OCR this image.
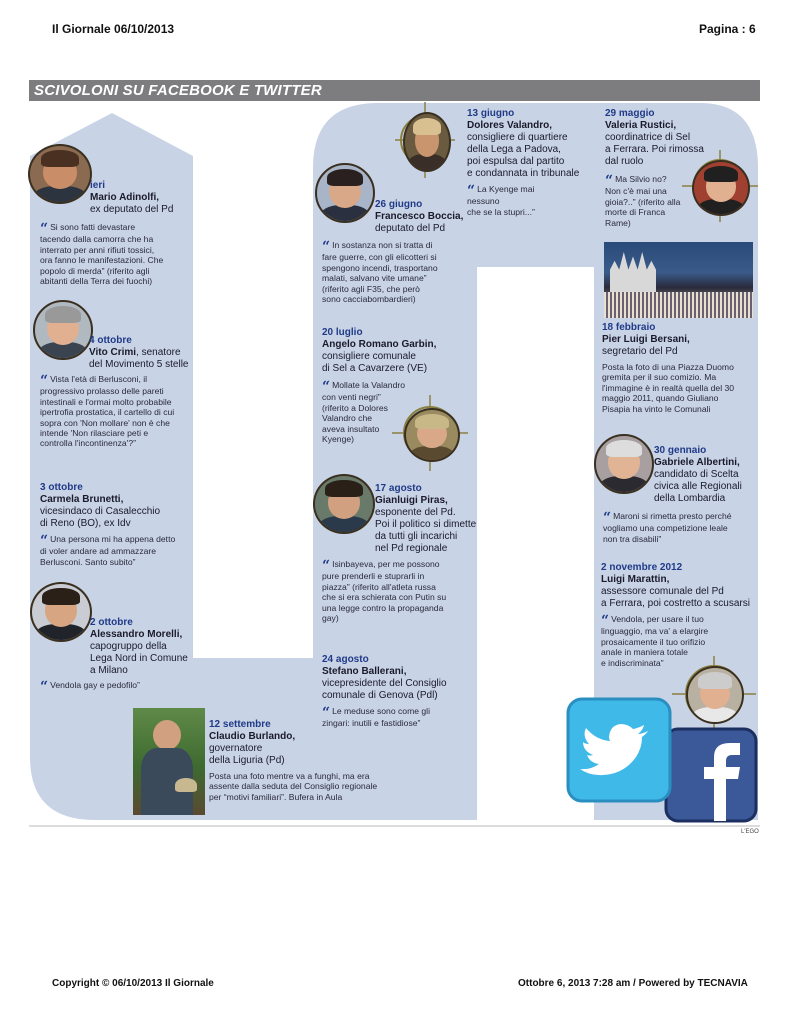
Il Giornale 06/10/2013	Pagina : 6
SCIVOLONI SU FACEBOOK E TWITTER
ieri
Mario Adinolfi,
ex deputato del Pd
“ Si sono fatti devastare
tacendo dalla camorra che ha
interrato per anni rifiuti tossici,
ora fanno le manifestazioni. Che
popolo di merda” (riferito agli
abitanti della Terra dei fuochi)
4 ottobre
Vito Crimi, senatore

del Movimento 5 stelle
“ Vista l'età di Berlusconi, il
progressivo prolasso delle pareti
intestinali e l'ormai molto probabile
ipertrofia prostatica, il cartello di cui
sopra con 'Non mollare' non è che
intende 'Non rilasciare peti e
controlla l'incontinenza'?”
3 ottobre
Carmela Brunetti,
vicesindaco di Casalecchio
di Reno (BO), ex Idv
“ Una persona mi ha appena detto
di voler andare ad ammazzare
Berlusconi. Santo subito”
2 ottobre
Alessandro Morelli,
capogruppo della
Lega Nord in Comune
a Milano
“ Vendola gay e pedofilo”
12 settembre
Claudio Burlando,
governatore
della Liguria (Pd)
Posta una foto mentre va a funghi, ma era
assente dalla seduta del Consiglio regionale
per “motivi familiari”. Bufera in Aula
26 giugno
Francesco Boccia,
deputato del Pd
“ In sostanza non si tratta di
fare guerre, con gli elicotteri si
spengono incendi, trasportano
malati, salvano vite umane”
(riferito agli F35, che però
sono cacciabombardieri)
20 luglio
Angelo Romano Garbin,
consigliere comunale
di Sel a Cavarzere (VE)
“ Mollate la Valandro
con venti negri”
(riferito a Dolores
Valandro che
aveva insultato
Kyenge)
17 agosto
Gianluigi Piras,
esponente del Pd.
Poi il politico si dimette
da tutti gli incarichi
nel Pd regionale
“ Isinbayeva, per me possono
pure prenderli e stuprarli in
piazza” (riferito all'atleta russa
che si era schierata con Putin su
una legge contro la propaganda
gay)
24 agosto
Stefano Ballerani,
vicepresidente del Consiglio
comunale di Genova (Pdl)
“ Le meduse sono come gli
zingari: inutili e fastidiose”
13 giugno
Dolores Valandro,
consigliere di quartiere
della Lega a Padova,
poi espulsa dal partito
e condannata in tribunale
“ La Kyenge mai
nessuno
che se la stupri...”
29 maggio
Valeria Rustici,
coordinatrice di Sel
a Ferrara. Poi rimossa
dal ruolo
“ Ma Silvio no?
Non c'è mai una
gioia?..” (riferito alla
morte di Franca
Rame)
18 febbraio
Pier Luigi Bersani,
segretario del Pd
Posta la foto di una Piazza Duomo
gremita per il suo comizio. Ma
l'immagine è in realtà quella del 30
maggio 2011, quando Giuliano
Pisapia ha vinto le Comunali
30 gennaio
Gabriele Albertini,
candidato di Scelta
civica alle Regionali
della Lombardia
“ Maroni si rimetta presto perché
vogliamo una competizione leale
non tra disabili”
2 novembre 2012
Luigi Marattin,
assessore comunale del Pd
a Ferrara, poi costretto a scusarsi
“ Vendola, per usare il tuo
linguaggio, ma va' a elargire
prosaicamente il tuo orifizio
anale in maniera totale
e indiscriminata”
L'EGO
Copyright © 06/10/2013 Il Giornale	Ottobre 6, 2013 7:28 am / Powered by TECNAVIA
